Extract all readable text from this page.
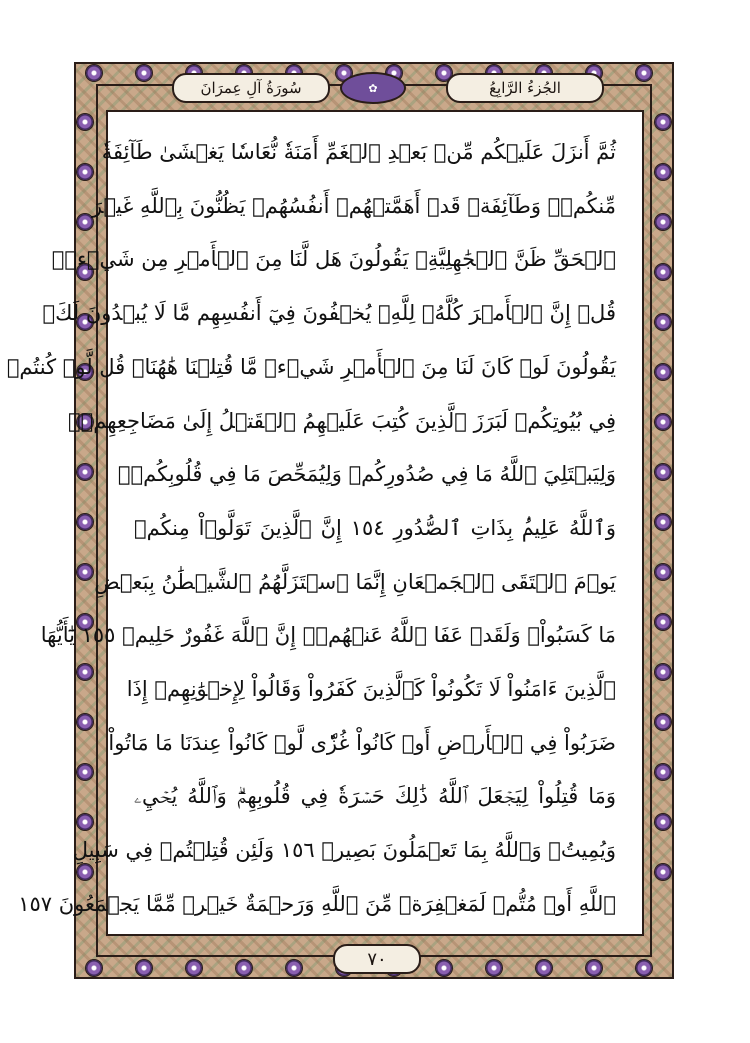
سُورَةُ آلِ عِمرَانَ	✿	الجُزءُ الرَّابِعُ
ثُمَّ أَنزَلَ عَلَيۡكُم مِّنۢ بَعۡدِ ٱلۡغَمِّ أَمَنَةٗ نُّعَاسٗا يَغۡشَىٰ طَآئِفَةٗ
مِّنكُمۡۖ وَطَآئِفَةٞ قَدۡ أَهَمَّتۡهُمۡ أَنفُسُهُمۡ يَظُنُّونَ بِٱللَّهِ غَيۡرَ
ٱلۡحَقِّ ظَنَّ ٱلۡجَٰهِلِيَّةِۖ يَقُولُونَ هَل لَّنَا مِنَ ٱلۡأَمۡرِ مِن شَيۡءٖۗ
قُلۡ إِنَّ ٱلۡأَمۡرَ كُلَّهُۥ لِلَّهِۗ يُخۡفُونَ فِيٓ أَنفُسِهِم مَّا لَا يُبۡدُونَ لَكَۖ
يَقُولُونَ لَوۡ كَانَ لَنَا مِنَ ٱلۡأَمۡرِ شَيۡءٞ مَّا قُتِلۡنَا هَٰهُنَاۗ قُل لَّوۡ كُنتُمۡ
فِي بُيُوتِكُمۡ لَبَرَزَ ٱلَّذِينَ كُتِبَ عَلَيۡهِمُ ٱلۡقَتۡلُ إِلَىٰ مَضَاجِعِهِمۡۖ
وَلِيَبۡتَلِيَ ٱللَّهُ مَا فِي صُدُورِكُمۡ وَلِيُمَحِّصَ مَا فِي قُلُوبِكُمۡۚ
وَٱللَّهُ عَلِيمُۢ بِذَاتِ ٱلصُّدُورِ ١٥٤ إِنَّ ٱلَّذِينَ تَوَلَّوۡاْ مِنكُمۡ
يَوۡمَ ٱلۡتَقَى ٱلۡجَمۡعَانِ إِنَّمَا ٱسۡتَزَلَّهُمُ ٱلشَّيۡطَٰنُ بِبَعۡضِ
مَا كَسَبُواْۖ وَلَقَدۡ عَفَا ٱللَّهُ عَنۡهُمۡۗ إِنَّ ٱللَّهَ غَفُورٌ حَلِيمٞ ١٥٥ يَٰٓأَيُّهَا
ٱلَّذِينَ ءَامَنُواْ لَا تَكُونُواْ كَٱلَّذِينَ كَفَرُواْ وَقَالُواْ لِإِخۡوَٰنِهِمۡ إِذَا
ضَرَبُواْ فِي ٱلۡأَرۡضِ أَوۡ كَانُواْ غُزّٗى لَّوۡ كَانُواْ عِندَنَا مَا مَاتُواْ
وَمَا قُتِلُواْ لِيَجۡعَلَ ٱللَّهُ ذَٰلِكَ حَسۡرَةٗ فِي قُلُوبِهِمۡۗ وَٱللَّهُ يُحۡيِۦ
وَيُمِيتُۗ وَٱللَّهُ بِمَا تَعۡمَلُونَ بَصِيرٞ ١٥٦ وَلَئِن قُتِلۡتُمۡ فِي سَبِيلِ
ٱللَّهِ أَوۡ مُتُّمۡ لَمَغۡفِرَةٞ مِّنَ ٱللَّهِ وَرَحۡمَةٌ خَيۡرٞ مِّمَّا يَجۡمَعُونَ ١٥٧
٧٠
